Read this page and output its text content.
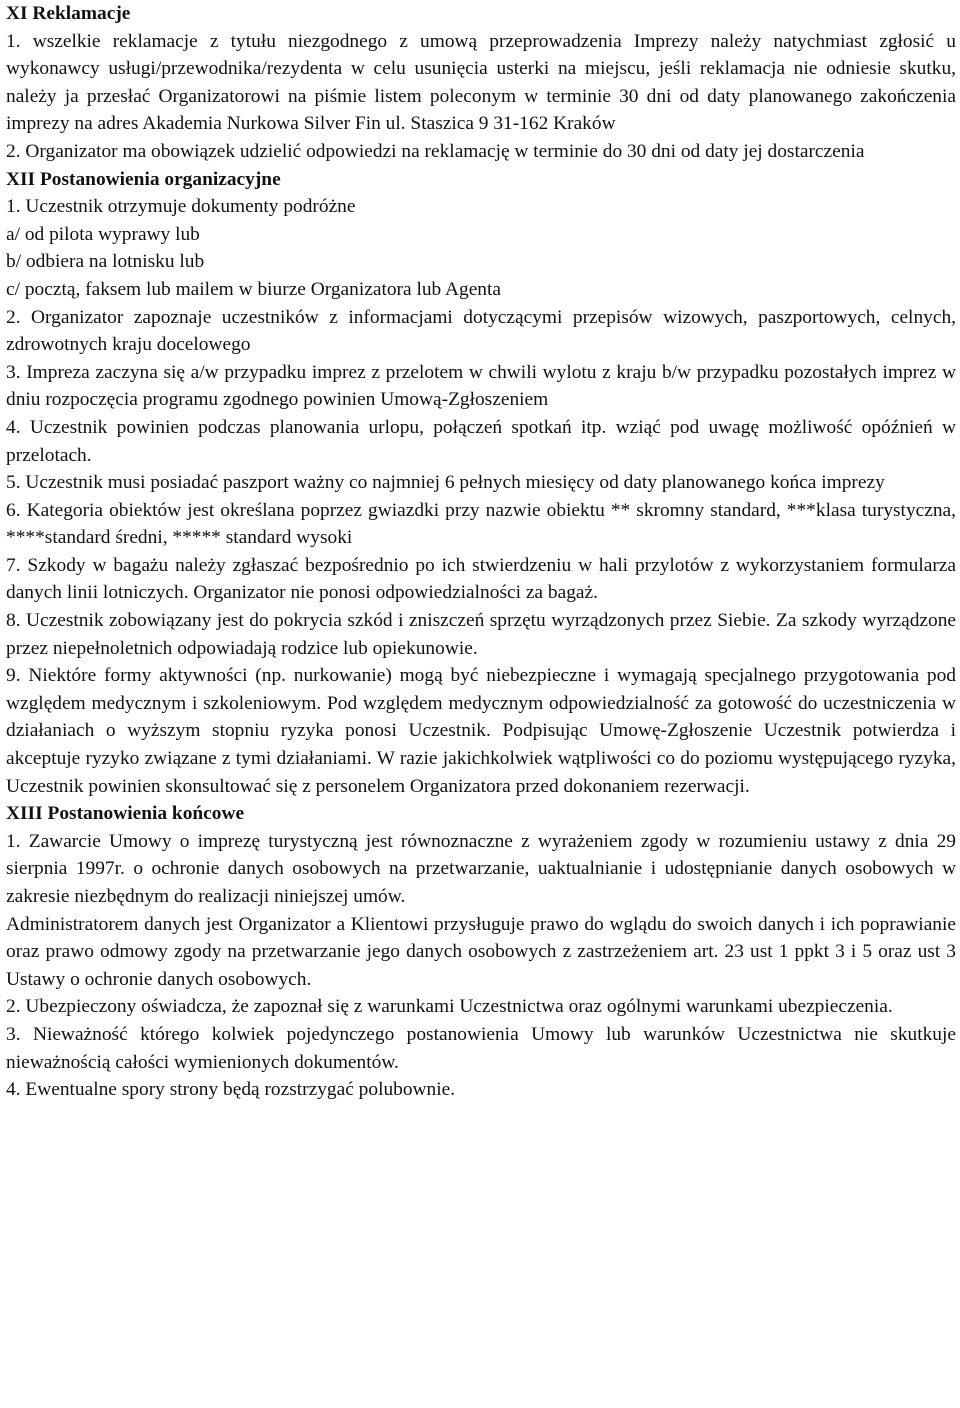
XI Reklamacje
1. wszelkie reklamacje z tytułu niezgodnego z umową przeprowadzenia Imprezy należy natychmiast zgłosić u wykonawcy usługi/przewodnika/rezydenta w celu usunięcia usterki na miejscu, jeśli reklamacja nie odniesie skutku, należy ja przesłać Organizatorowi na piśmie listem poleconym w terminie 30 dni od daty planowanego zakończenia imprezy na adres Akademia Nurkowa Silver Fin ul. Staszica 9 31-162 Kraków
2. Organizator ma obowiązek udzielić odpowiedzi na reklamację w terminie do 30 dni od daty jej dostarczenia
XII Postanowienia organizacyjne
1. Uczestnik otrzymuje dokumenty podróżne
a/ od pilota wyprawy lub
b/ odbiera na lotnisku lub
c/ pocztą, faksem lub mailem w biurze Organizatora lub Agenta
2. Organizator zapoznaje uczestników z informacjami dotyczącymi przepisów wizowych, paszportowych, celnych, zdrowotnych kraju docelowego
3. Impreza zaczyna się a/w przypadku imprez z przelotem w chwili wylotu z kraju b/w przypadku pozostałych imprez w dniu rozpoczęcia programu zgodnego powinien Umową-Zgłoszeniem
4. Uczestnik powinien podczas planowania urlopu, połączeń spotkań itp. wziąć pod uwagę możliwość opóźnień w przelotach.
5. Uczestnik musi posiadać paszport ważny co najmniej 6 pełnych miesięcy od daty planowanego końca imprezy
6. Kategoria obiektów jest określana poprzez gwiazdki przy nazwie obiektu ** skromny standard, ***klasa turystyczna, ****standard średni, ***** standard wysoki
7. Szkody w bagażu należy zgłaszać bezpośrednio po ich stwierdzeniu w hali przylotów z wykorzystaniem formularza danych linii lotniczych. Organizator nie ponosi odpowiedzialności za bagaż.
8. Uczestnik zobowiązany jest do pokrycia szkód i zniszczeń sprzętu wyrządzonych przez Siebie. Za szkody wyrządzone przez niepełnoletnich odpowiadają rodzice lub opiekunowie.
9. Niektóre formy aktywności (np. nurkowanie) mogą być niebezpieczne i wymagają specjalnego przygotowania pod względem medycznym i szkoleniowym. Pod względem medycznym odpowiedzialność za gotowość do uczestniczenia w działaniach o wyższym stopniu ryzyka ponosi Uczestnik. Podpisując Umowę-Zgłoszenie Uczestnik potwierdza i akceptuje ryzyko związane z tymi działaniami. W razie jakichkolwiek wątpliwości co do poziomu występującego ryzyka, Uczestnik powinien skonsultować się z personelem Organizatora przed dokonaniem rezerwacji.
XIII Postanowienia końcowe
1. Zawarcie Umowy o imprezę turystyczną jest równoznaczne z wyrażeniem zgody w rozumieniu ustawy z dnia 29 sierpnia 1997r. o ochronie danych osobowych na przetwarzanie, uaktualnianie i udostępnianie danych osobowych w zakresie niezbędnym do realizacji niniejszej umów.
Administratorem danych jest Organizator a Klientowi przysługuje prawo do wglądu do swoich danych i ich poprawianie oraz prawo odmowy zgody na przetwarzanie jego danych osobowych z zastrzeżeniem art. 23 ust 1 ppkt 3 i 5 oraz ust 3 Ustawy o ochronie danych osobowych.
2. Ubezpieczony oświadcza, że zapoznał się z warunkami Uczestnictwa oraz ogólnymi warunkami ubezpieczenia.
3. Nieważność którego kolwiek pojedynczego postanowienia Umowy lub warunków Uczestnictwa nie skutkuje nieważnością całości wymienionych dokumentów.
4. Ewentualne spory strony będą rozstrzygać polubownie.
